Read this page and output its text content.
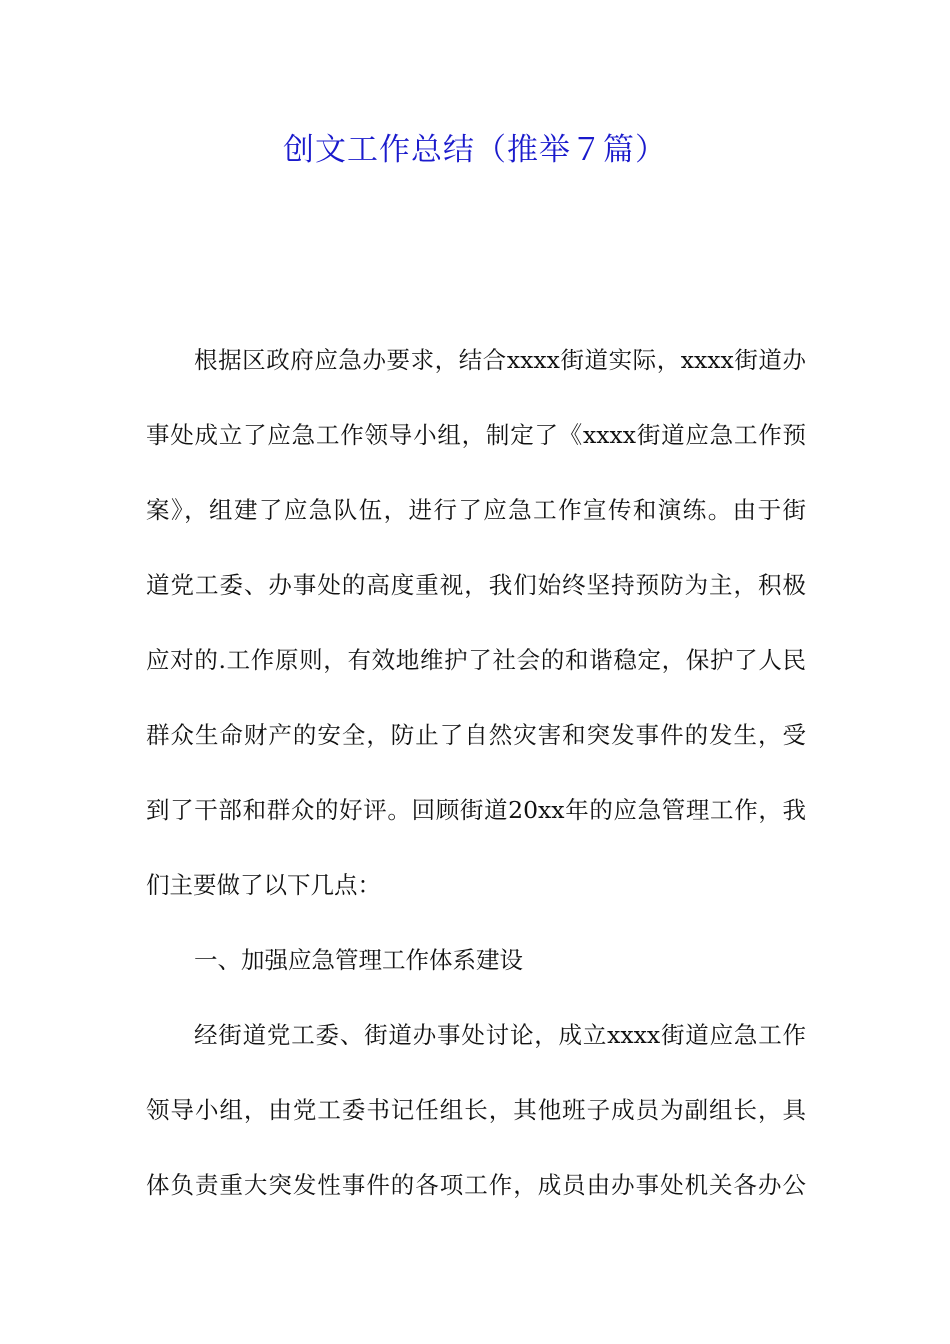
创文工作总结（推举７篇）
根据区政府应急办要求，结合xxxx街道实际，xxxx街道办
事处成立了应急工作领导小组，制定了《xxxx街道应急工作预
案》，组建了应急队伍，进行了应急工作宣传和演练。由于街
道党工委、办事处的高度重视，我们始终坚持预防为主，积极
应对的.工作原则，有效地维护了社会的和谐稳定，保护了人民
群众生命财产的安全，防止了自然灾害和突发事件的发生，受
到了干部和群众的好评。回顾街道20xx年的应急管理工作，我
们主要做了以下几点：
一、加强应急管理工作体系建设
经街道党工委、街道办事处讨论，成立xxxx街道应急工作
领导小组，由党工委书记任组长，其他班子成员为副组长，具
体负责重大突发性事件的各项工作，成员由办事处机关各办公
